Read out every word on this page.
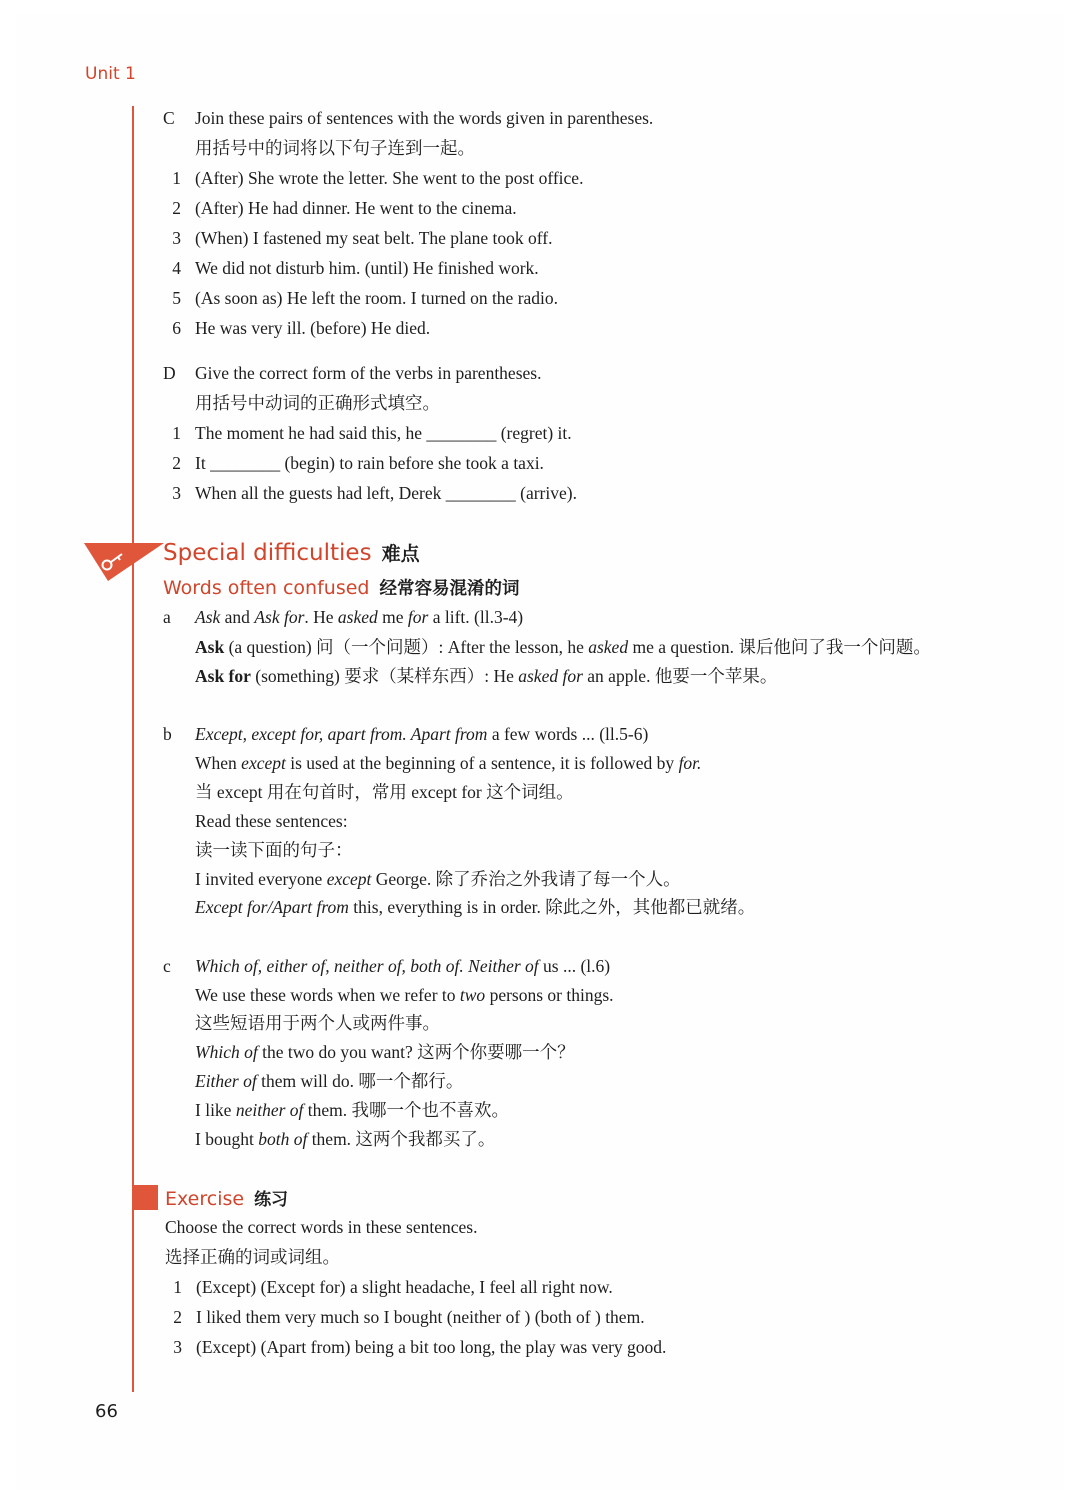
Unit 1
C Join these pairs of sentences with the words given in parentheses.
用括号中的词将以下句子连到一起。
1 (After) She wrote the letter. She went to the post office.
2 (After) He had dinner. He went to the cinema.
3 (When) I fastened my seat belt. The plane took off.
4 We did not disturb him. (until) He finished work.
5 (As soon as) He left the room. I turned on the radio.
6 He was very ill. (before) He died.
D Give the correct form of the verbs in parentheses.
用括号中动词的正确形式填空。
1 The moment he had said this, he ________ (regret) it.
2 It ________ (begin) to rain before she took a taxi.
3 When all the guests had left, Derek ________ (arrive).
Special difficulties 难点
Words often confused 经常容易混淆的词
a Ask and Ask for. He asked me for a lift. (ll.3-4)
Ask (a question) 问（一个问题）: After the lesson, he asked me a question. 课后他问了我一个问题。
Ask for (something) 要求（某样东西）: He asked for an apple. 他要一个苹果。
b Except, except for, apart from. Apart from a few words ... (ll.5-6)
When except is used at the beginning of a sentence, it is followed by for.
当 except 用在句首时，常用 except for 这个词组。
Read these sentences:
读一读下面的句子：
I invited everyone except George. 除了乔治之外我请了每一个人。
Except for/Apart from this, everything is in order. 除此之外，其他都已就绪。
c Which of, either of, neither of, both of. Neither of us ... (l.6)
We use these words when we refer to two persons or things.
这些短语用于两个人或两件事。
Which of the two do you want? 这两个你要哪一个？
Either of them will do. 哪一个都行。
I like neither of them. 我哪一个也不喜欢。
I bought both of them. 这两个我都买了。
Exercise 练习
Choose the correct words in these sentences.
选择正确的词或词组。
1 (Except) (Except for) a slight headache, I feel all right now.
2 I liked them very much so I bought (neither of ) (both of ) them.
3 (Except) (Apart from) being a bit too long, the play was very good.
66
